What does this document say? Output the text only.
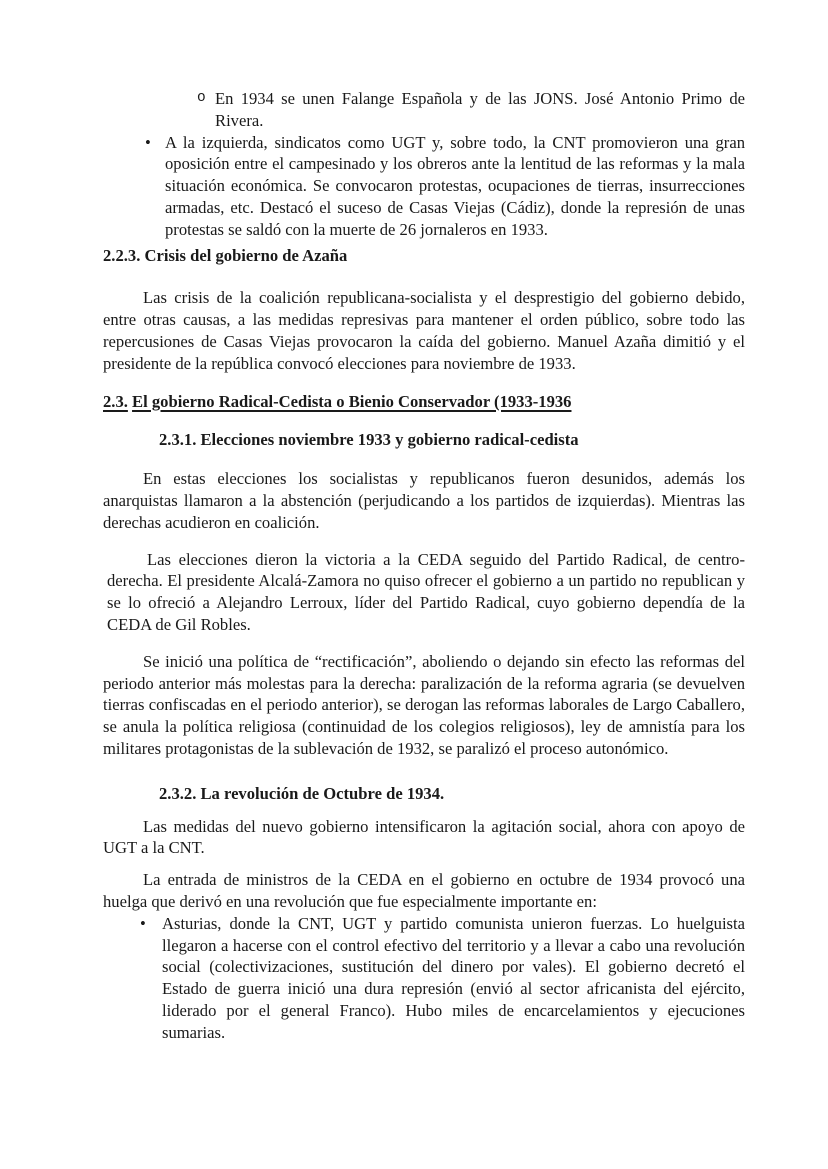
o En 1934 se unen Falange Española y de las JONS. José Antonio Primo de Rivera.
• A la izquierda, sindicatos como UGT y, sobre todo, la CNT promovieron una gran oposición entre el campesinado y los obreros ante la lentitud de las reformas y la mala situación económica. Se convocaron protestas, ocupaciones de tierras, insurrecciones armadas, etc. Destacó el suceso de Casas Viejas (Cádiz), donde la represión de unas protestas se saldó con la muerte de 26 jornaleros en 1933.
2.2.3. Crisis del gobierno de Azaña
Las crisis de la coalición republicana-socialista y el desprestigio del gobierno debido, entre otras causas, a las medidas represivas para mantener el orden público, sobre todo las repercusiones de Casas Viejas provocaron la caída del gobierno. Manuel Azaña dimitió y el presidente de la república convocó elecciones para noviembre de 1933.
2.3. El gobierno Radical-Cedista o Bienio Conservador (1933-1936
2.3.1. Elecciones noviembre 1933 y gobierno radical-cedista
En estas elecciones los socialistas y republicanos fueron desunidos, además los anarquistas llamaron a la abstención (perjudicando a los partidos de izquierdas). Mientras las derechas acudieron en coalición.
Las elecciones dieron la victoria a la CEDA seguido del Partido Radical, de centro-derecha. El presidente Alcalá-Zamora no quiso ofrecer el gobierno a un partido no republican y se lo ofreció a Alejandro Lerroux, líder del Partido Radical, cuyo gobierno dependía de la CEDA de Gil Robles.
Se inició una política de “rectificación”, aboliendo o dejando sin efecto las reformas del periodo anterior más molestas para la derecha: paralización de la reforma agraria (se devuelven tierras confiscadas en el periodo anterior), se derogan las reformas laborales de Largo Caballero, se anula la política religiosa (continuidad de los colegios religiosos), ley de amnistía para los militares protagonistas de la sublevación de 1932, se paralizó el proceso autonómico.
2.3.2. La revolución de Octubre de 1934.
Las medidas del nuevo gobierno intensificaron la agitación social, ahora con apoyo de UGT a la CNT.
La entrada de ministros de la CEDA en el gobierno en octubre de 1934 provocó una huelga que derivó en una revolución que fue especialmente importante en:
• Asturias, donde la CNT, UGT y partido comunista unieron fuerzas. Lo huelguista llegaron a hacerse con el control efectivo del territorio y a llevar a cabo una revolución social (colectivizaciones, sustitución del dinero por vales). El gobierno decretó el Estado de guerra inició una dura represión (envió al sector africanista del ejército, liderado por el general Franco). Hubo miles de encarcelamientos y ejecuciones sumarias.
